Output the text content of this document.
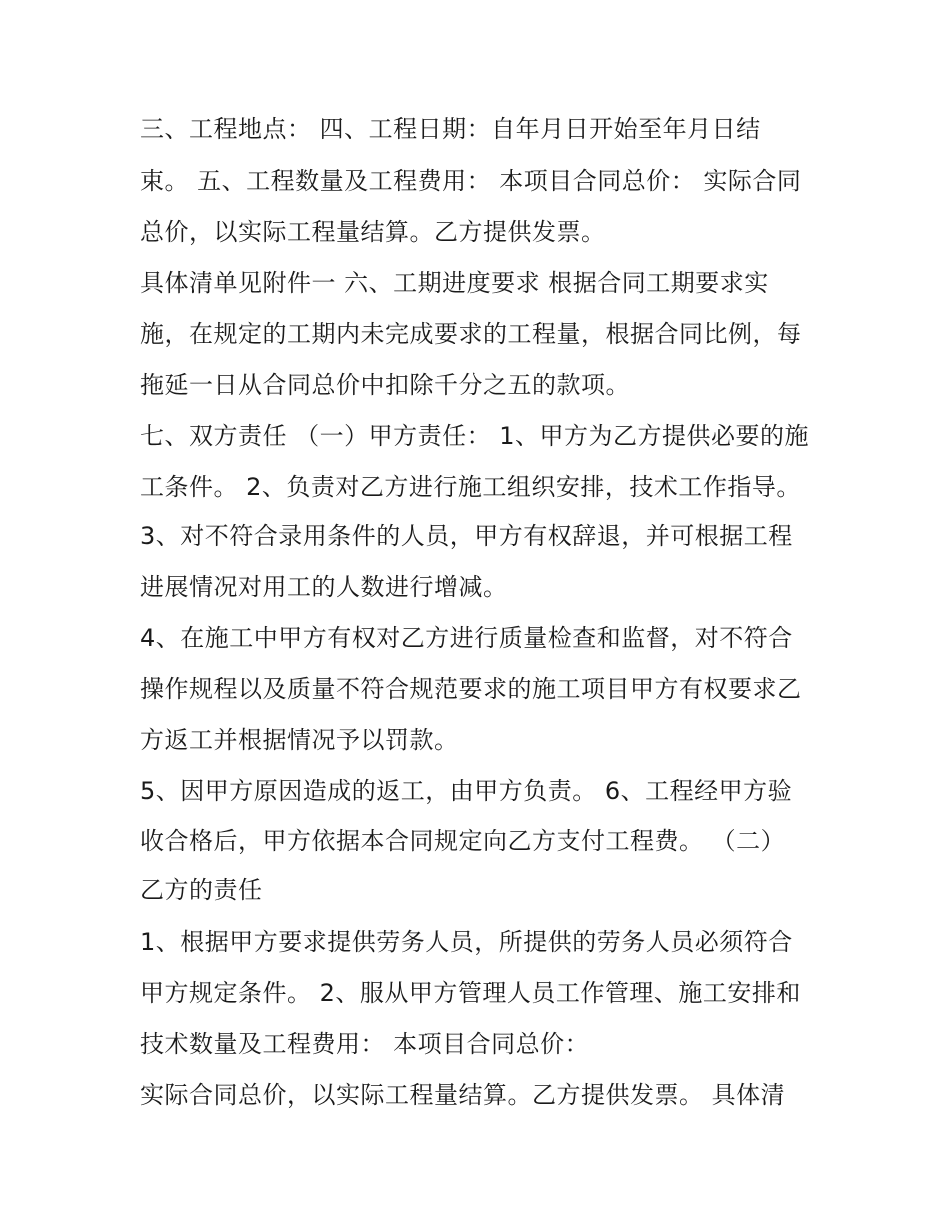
三、工程地点： 四、工程日期：自年月日开始至年月日结
束。 五、工程数量及工程费用： 本项目合同总价： 实际合同
总价，以实际工程量结算。乙方提供发票。
具体清单见附件一 六、工期进度要求 根据合同工期要求实
施，在规定的工期内未完成要求的工程量，根据合同比例，每
拖延一日从合同总价中扣除千分之五的款项。
七、双方责任 （一）甲方责任： 1、甲方为乙方提供必要的施
工条件。 2、负责对乙方进行施工组织安排，技术工作指导。
3、对不符合录用条件的人员，甲方有权辞退，并可根据工程
进展情况对用工的人数进行增减。
4、在施工中甲方有权对乙方进行质量检查和监督，对不符合
操作规程以及质量不符合规范要求的施工项目甲方有权要求乙
方返工并根据情况予以罚款。
5、因甲方原因造成的返工，由甲方负责。 6、工程经甲方验
收合格后，甲方依据本合同规定向乙方支付工程费。 （二）
乙方的责任
1、根据甲方要求提供劳务人员，所提供的劳务人员必须符合
甲方规定条件。 2、服从甲方管理人员工作管理、施工安排和
技术数量及工程费用： 本项目合同总价：
实际合同总价，以实际工程量结算。乙方提供发票。 具体清
